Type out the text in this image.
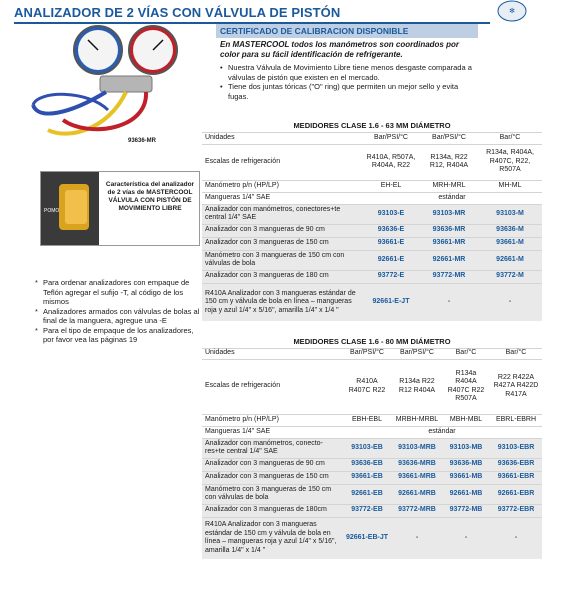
ANALIZADOR DE 2 VÍAS CON VÁLVULA DE PISTÓN	✻
93636-MR
CERTIFICADO DE CALIBRACION DISPONIBLE
En MASTERCOOL todos los manómetros son coordinados por color para su fácil identificación de refrigerante.
• Nuestra Válvula de Movimiento Libre tiene menos desgaste comparada a válvulas de pistón que existen en el mercado.
• Tiene dos juntas tóricas ("O" ring) que permiten un mejor sello y evita fugas.
POMO
Característica del analizador de 2 vías de MASTERCOOL VÁLVULA CON PISTÓN DE MOVIMIENTO LIBRE
* Para ordenar analizadores con empaque de Teflón agregar el sufijo -T, al código de los mismos
* Analizadores armados con válvulas de bolas al final de la manguera, agregue una -E
* Para el tipo de empaque de los analizadores, por favor vea las páginas 19
MEDIDORES CLASE 1.6 - 63 MM DIÁMETRO			
Unidades	Bar/PSI/°C	Bar/PSI/°C	Bar/°C
Escalas de refrigeración	R410A, R507A, R404A, R22	R134a, R22 R12, R404A	R134a, R404A, R407C, R22, R507A
Manómetro p/n (HP/LP)	EH-EL	MRH-MRL	MH-ML
Mangueras 1/4" SAE	estándar		
Analizador con manómetros, conectores+te central 1/4" SAE	93103-E	93103-MR	93103-M
Analizador con 3 mangueras de 90 cm	93636-E	93636-MR	93636-M
Analizador con 3 mangueras de 150 cm	93661-E	93661-MR	93661-M
Manómetro con 3 mangueras de 150 cm con válvulas de bola	92661-E	92661-MR	92661-M
Analizador con 3 mangueras de 180 cm	93772-E	93772-MR	93772-M
R410A Analizador con 3 mangueras estándar de 150 cm y válvula de bola en línea – mangueras roja y azul 1/4" x 5/16", amarilla 1/4" x 1/4 "	92661-E-JT	-	-
MEDIDORES CLASE 1.6 - 80 MM DIÁMETRO				
Unidades	Bar/PSI/°C	Bar/PSI/°C	Bar/°C	Bar/°C
Escalas de refrigeración	R410A R407C R22	R134a R22 R12 R404A	R134a R404A R407C R22 R507A	R22 R422A R427A R422D R417A
Manómetro p/n (HP/LP)	EBH-EBL	MRBH-MRBL	MBH-MBL	EBRL-EBRH
Mangueras 1/4" SAE	estándar			
Analizador con manómetros, conecto-res+te central 1/4" SAE	93103-EB	93103-MRB	93103-MB	93103-EBR
Analizador con 3 mangueras de 90 cm	93636-EB	93636-MRB	93636-MB	93636-EBR
Analizador con 3 mangueras de 150 cm	93661-EB	93661-MRB	93661-MB	93661-EBR
Manómetro con 3 mangueras de 150 cm con válvulas de bola	92661-EB	92661-MRB	92661-MB	92661-EBR
Analizador con 3 mangueras de 180cm	93772-EB	93772-MRB	93772-MB	93772-EBR
R410A Analizador con 3 mangueras estándar de 150 cm y válvula de bola en línea – mangueras roja y azul 1/4" x 5/16", amarilla 1/4" x 1/4 "	92661-EB-JT	-	-	-
